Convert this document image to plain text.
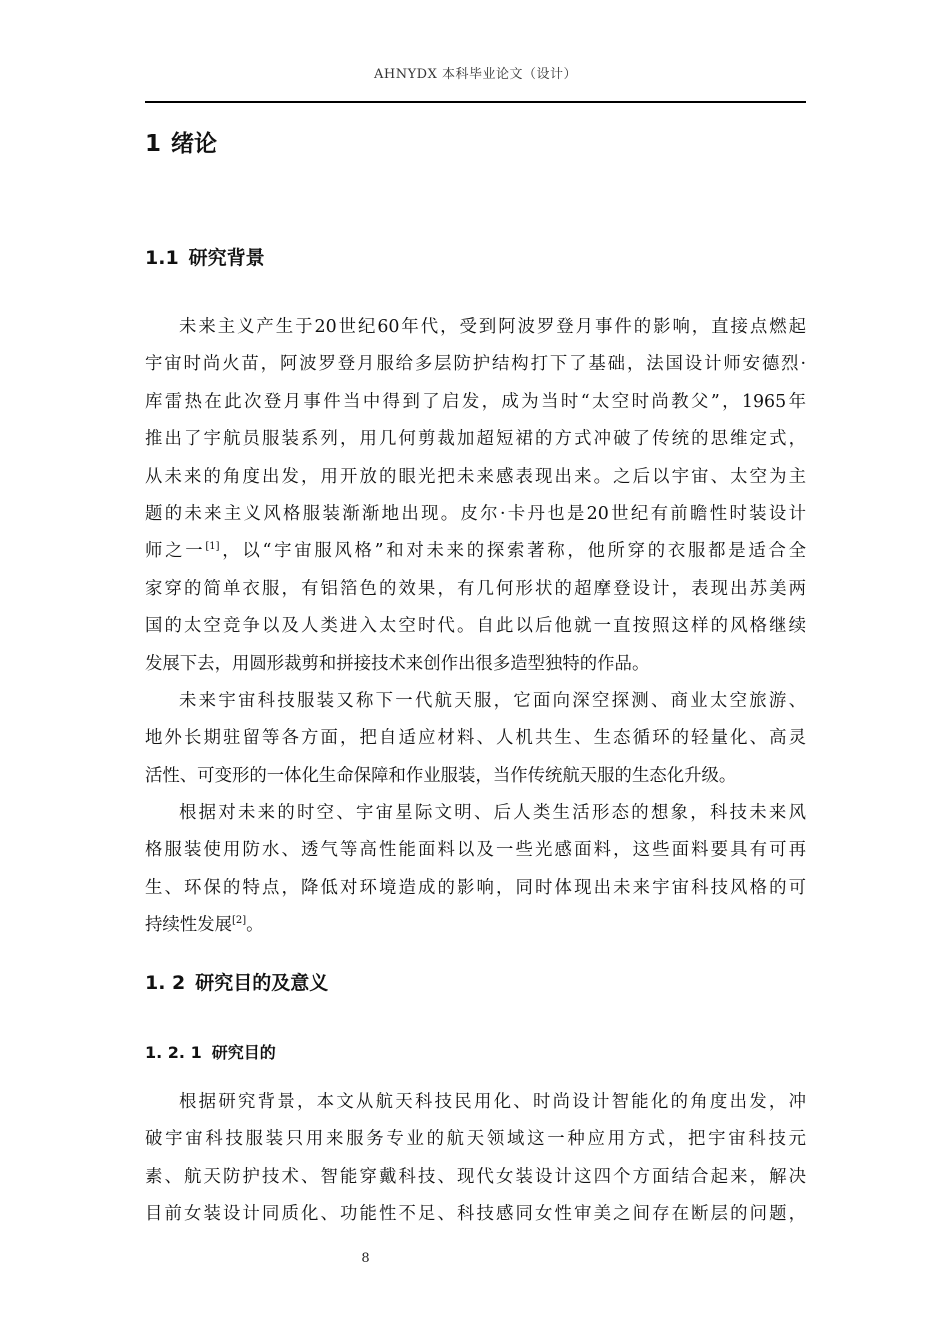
AHNYDX 本科毕业论文（设计）
1 绪论
1.1 研究背景
未来主义产生于20世纪60年代，受到阿波罗登月事件的影响，直接点燃起
宇宙时尚火苗，阿波罗登月服给多层防护结构打下了基础，法国设计师安德烈·
库雷热在此次登月事件当中得到了启发，成为当时“太空时尚教父”，1965年
推出了宇航员服装系列，用几何剪裁加超短裙的方式冲破了传统的思维定式，
从未来的角度出发，用开放的眼光把未来感表现出来。之后以宇宙、太空为主
题的未来主义风格服装渐渐地出现。皮尔·卡丹也是20世纪有前瞻性时装设计
师之一[1]，以“宇宙服风格”和对未来的探索著称，他所穿的衣服都是适合全
家穿的简单衣服，有铝箔色的效果，有几何形状的超摩登设计，表现出苏美两
国的太空竞争以及人类进入太空时代。自此以后他就一直按照这样的风格继续
发展下去，用圆形裁剪和拼接技术来创作出很多造型独特的作品。
未来宇宙科技服装又称下一代航天服，它面向深空探测、商业太空旅游、
地外长期驻留等各方面，把自适应材料、人机共生、生态循环的轻量化、高灵
活性、可变形的一体化生命保障和作业服装，当作传统航天服的生态化升级。
根据对未来的时空、宇宙星际文明、后人类生活形态的想象，科技未来风
格服装使用防水、透气等高性能面料以及一些光感面料，这些面料要具有可再
生、环保的特点，降低对环境造成的影响，同时体现出未来宇宙科技风格的可
持续性发展[2]。
1. 2 研究目的及意义
1. 2. 1 研究目的
根据研究背景，本文从航天科技民用化、时尚设计智能化的角度出发，冲
破宇宙科技服装只用来服务专业的航天领域这一种应用方式，把宇宙科技元
素、航天防护技术、智能穿戴科技、现代女装设计这四个方面结合起来，解决
目前女装设计同质化、功能性不足、科技感同女性审美之间存在断层的问题，
8
